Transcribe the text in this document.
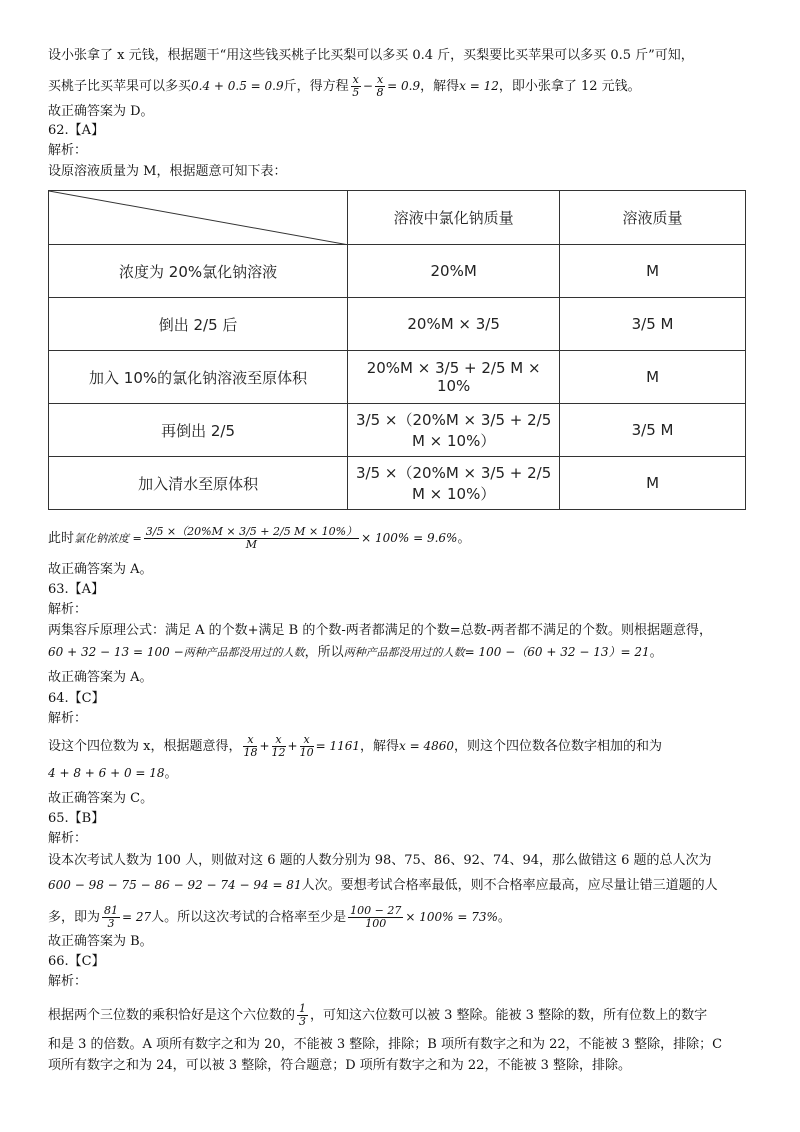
设小张拿了 x 元钱，根据题干“用这些钱买桃子比买梨可以多买 0.4 斤，买梨要比买苹果可以多买 0.5 斤”可知，
买桃子比买苹果可以多买0.4 + 0.5 = 0.9斤，得方程 $\frac{x}{5} - \frac{x}{8} = 0.9$，解得x = 12，即小张拿了 12 元钱。
故正确答案为 D。
62.【A】
解析：
设原溶液质量为 M，根据题意可知下表：
	溶液中氯化钠质量	溶液质量
浓度为 20%氯化钠溶液	20%M	M
倒出 2/5 后	20%M × 3/5	3/5 M
加入 10%的氯化钠溶液至原体积	20%M × 3/5 + 2/5 M × 10%	M
再倒出 2/5	3/5 ×（20%M × 3/5 + 2/5 M × 10%）	3/5 M
加入清水至原体积	3/5 ×（20%M × 3/5 + 2/5 M × 10%）	M
此时氯化钠浓度 = $\frac{3/5 \times(20\%M \times 3/5 + 2/5 M \times 10\%)}{M} \times 100\% = 9.6\%$。
故正确答案为 A。
63.【A】
解析：
两集容斥原理公式：满足 A 的个数+满足 B 的个数-两者都满足的个数=总数-两者都不满足的个数。则根据题意得，
60 + 32 − 13 = 100 −两种产品都没用过的人数，所以两种产品都没用过的人数= 100 −（60 + 32 − 13）= 21。
故正确答案为 A。
64.【C】
解析：
设这个四位数为 x，根据题意得， $\frac{x}{18} + \frac{x}{12} + \frac{x}{10} = 1161$，解得x = 4860，则这个四位数各位数字相加的和为
4 + 8 + 6 + 0 = 18。
故正确答案为 C。
65.【B】
解析：
设本次考试人数为 100 人，则做对这 6 题的人数分别为 98、75、86、92、74、94，那么做错这 6 题的总人次为
600 − 98 − 75 − 86 − 92 − 74 − 94 = 81人次。要想考试合格率最低，则不合格率应最高，应尽量让错三道题的人
多，即为 $\frac{81}{3} = 27$人。所以这次考试的合格率至少是 $\frac{100 - 27}{100} \times 100\% = 73\%$。
故正确答案为 B。
66.【C】
解析：
根据两个三位数的乘积恰好是这个六位数的 $\frac{1}{3}$ ，可知这六位数可以被 3 整除。能被 3 整除的数，所有位数上的数字
和是 3 的倍数。A 项所有数字之和为 20，不能被 3 整除，排除；B 项所有数字之和为 22，不能被 3 整除，排除；C
项所有数字之和为 24，可以被 3 整除，符合题意；D 项所有数字之和为 22，不能被 3 整除，排除。
